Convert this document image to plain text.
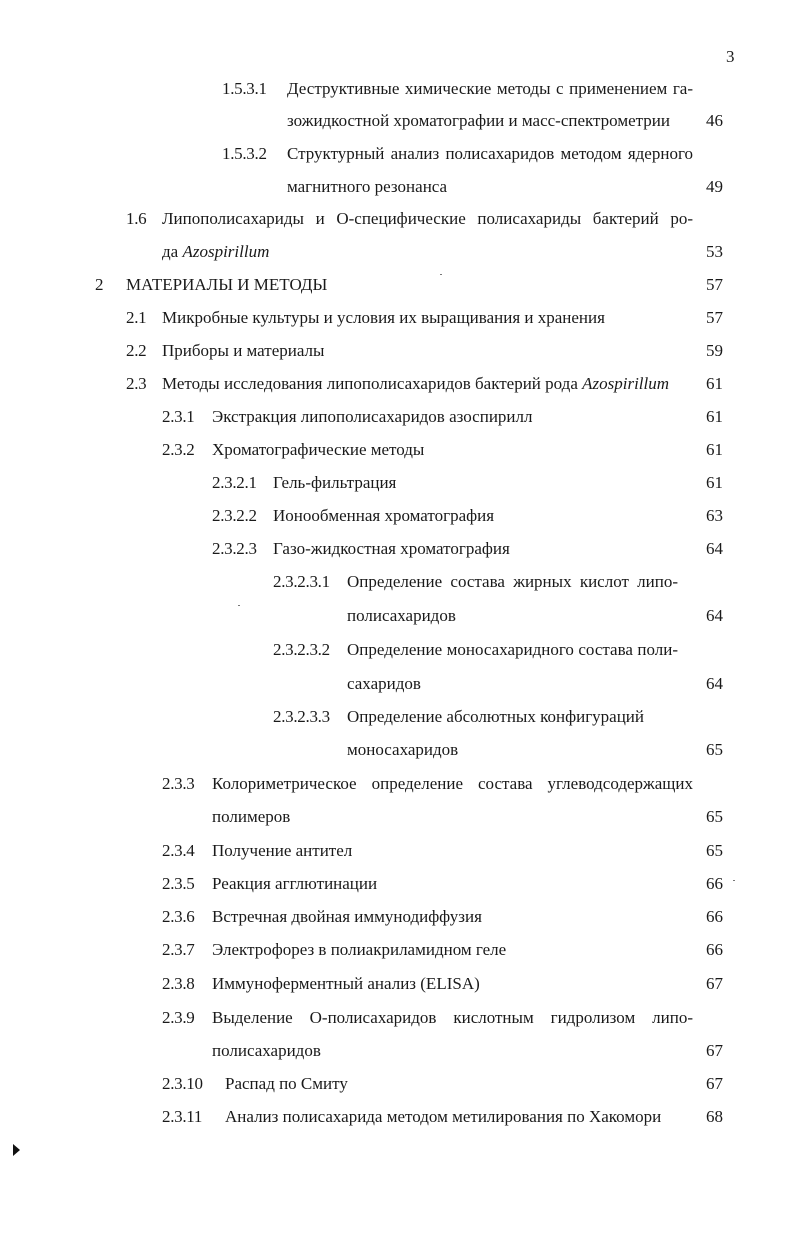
3
1.5.3.1 Деструктивные химические методы с применением га-
зожидкостной хроматографии и масс-спектрометрии 46
1.5.3.2 Структурный анализ полисахаридов методом ядерного
магнитного резонанса	49
1.6 Липополисахариды и О-специфические полисахариды бактерий ро-
да Azospirillum	53
2 МАТЕРИАЛЫ И МЕТОДЫ	57
2.1 Микробные культуры и условия их выращивания и хранения	57
2.2 Приборы и материалы	59
2.3 Методы исследования липополисахаридов бактерий рода Azospirillum 61
2.3.1 Экстракция липополисахаридов азоспирилл	61
2.3.2 Хроматографические методы	61
2.3.2.1 Гель-фильтрация	61
2.3.2.2 Ионообменная хроматография	63
2.3.2.3 Газо-жидкостная хроматография	64
2.3.2.3.1 Определение состава жирных кислот липо-
полисахаридов	64
2.3.2.3.2 Определение моносахаридного состава поли-
сахаридов	64
2.3.2.3.3 Определение абсолютных конфигураций
моносахаридов	65
2.3.3 Колориметрическое определение состава углеводсодержащих
полимеров	65
2.3.4 Получение антител	65
2.3.5 Реакция агглютинации	66
2.3.6 Встречная двойная иммунодиффузия	66
2.3.7 Электрофорез в полиакриламидном геле	66
2.3.8 Иммуноферментный анализ (ELISA)	67
2.3.9 Выделение О-полисахаридов кислотным гидролизом липо-
полисахаридов	67
2.3.10 Распад по Смиту	67
2.3.11 Анализ полисахарида методом метилирования по Хакомори	68
